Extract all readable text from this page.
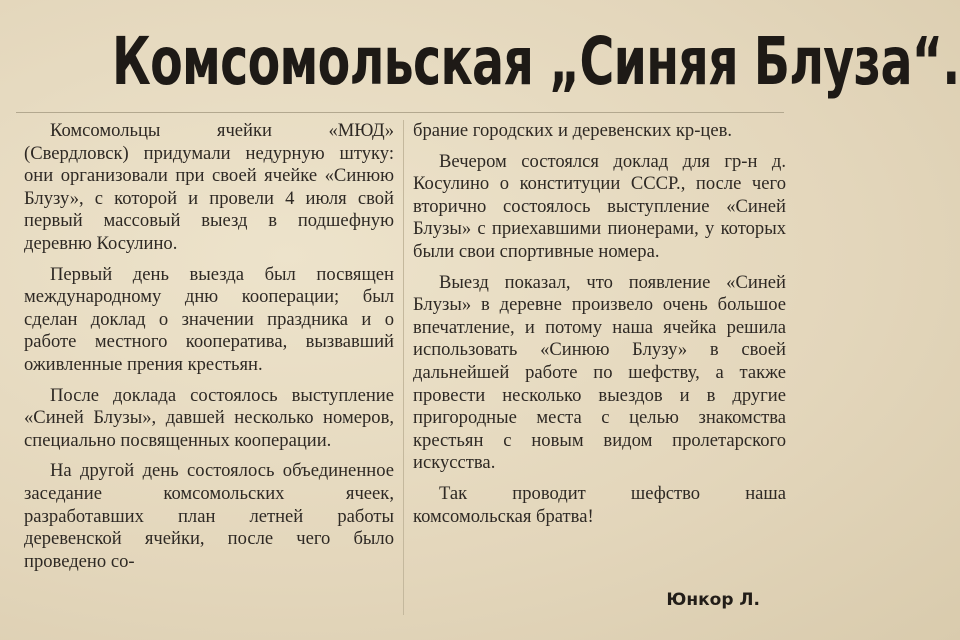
Комсомольская „Синяя Блуза“.

Комсомольцы ячейки «МЮД» (Свердловск) придумали недурную штуку: они организовали при своей ячейке «Синюю Блузу», с которой и провели 4 июля свой первый массовый выезд в подшефную деревню Косулино.

Первый день выезда был посвящен международному дню кооперации; был сделан доклад о значении праздника и о работе местного кооператива, вызвавший оживленные прения крестьян.

После доклада состоялось выступление «Синей Блузы», давшей несколько номеров, специально посвященных кооперации.

На другой день состоялось объединенное заседание комсомольских ячеек, разработавших план летней работы деревенской ячейки, после чего было проведено со-

брание городских и деревенских кр-цев.

Вечером состоялся доклад для гр-н д. Косулино о конституции СССР., после чего вторично состоялось выступление «Синей Блузы» с приехавшими пионерами, у которых были свои спортивные номера.

Выезд показал, что появление «Синей Блузы» в деревне произвело очень большое впечатление, и потому наша ячейка решила использовать «Синюю Блузу» в своей дальнейшей работе по шефству, а также провести несколько выездов и в другие пригородные места с целью знакомства крестьян с новым видом пролетарского искусства.

Так проводит шефство наша комсомольская братва!

Юнкор Л.
